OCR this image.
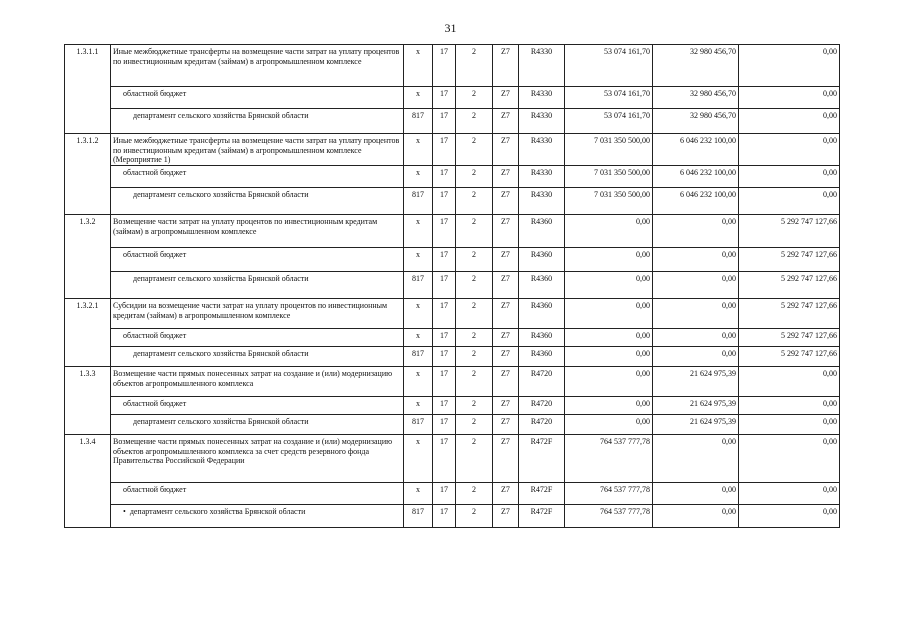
31
1.3.1.1	Иные межбюджетные трансферты на возмещение части затрат на уплату процентов по инвестиционным кредитам (займам) в агропромышленном комплексе	х	17	2	Z7	R4330	53 074 161,70	32 980 456,70	0,00
	областной бюджет	х	17	2	Z7	R4330	53 074 161,70	32 980 456,70	0,00
	департамент сельского хозяйства Брянской области	817	17	2	Z7	R4330	53 074 161,70	32 980 456,70	0,00
1.3.1.2	Иные межбюджетные трансферты на возмещение части затрат на уплату процентов по инвестиционным кредитам (займам) в агропромышленном комплексе (Мероприятие 1)	х	17	2	Z7	R4330	7 031 350 500,00	6 046 232 100,00	0,00
	областной бюджет	х	17	2	Z7	R4330	7 031 350 500,00	6 046 232 100,00	0,00
	департамент сельского хозяйства Брянской области	817	17	2	Z7	R4330	7 031 350 500,00	6 046 232 100,00	0,00
1.3.2	Возмещение части затрат на уплату процентов по инвестиционным кредитам (займам) в агропромышленном комплексе	х	17	2	Z7	R4360	0,00	0,00	5 292 747 127,66
	областной бюджет	х	17	2	Z7	R4360	0,00	0,00	5 292 747 127,66
	департамент сельского хозяйства Брянской области	817	17	2	Z7	R4360	0,00	0,00	5 292 747 127,66
1.3.2.1	Субсидии на возмещение части затрат на уплату процентов по инвестиционным кредитам (займам) в агропромышленном комплексе	х	17	2	Z7	R4360	0,00	0,00	5 292 747 127,66
	областной бюджет	х	17	2	Z7	R4360	0,00	0,00	5 292 747 127,66
	департамент сельского хозяйства Брянской области	817	17	2	Z7	R4360	0,00	0,00	5 292 747 127,66
1.3.3	Возмещение части прямых понесенных затрат на создание и (или) модернизацию объектов агропромышленного комплекса	х	17	2	Z7	R4720	0,00	21 624 975,39	0,00
	областной бюджет	х	17	2	Z7	R4720	0,00	21 624 975,39	0,00
	департамент сельского хозяйства Брянской области	817	17	2	Z7	R4720	0,00	21 624 975,39	0,00
1.3.4	Возмещение части прямых понесенных затрат на создание и (или) модернизацию объектов агропромышленного комплекса за счет средств резервного фонда Правительства Российской Федерации	х	17	2	Z7	R472F	764 537 777,78	0,00	0,00
	областной бюджет	х	17	2	Z7	R472F	764 537 777,78	0,00	0,00
	• департамент сельского хозяйства Брянской области	817	17	2	Z7	R472F	764 537 777,78	0,00	0,00
